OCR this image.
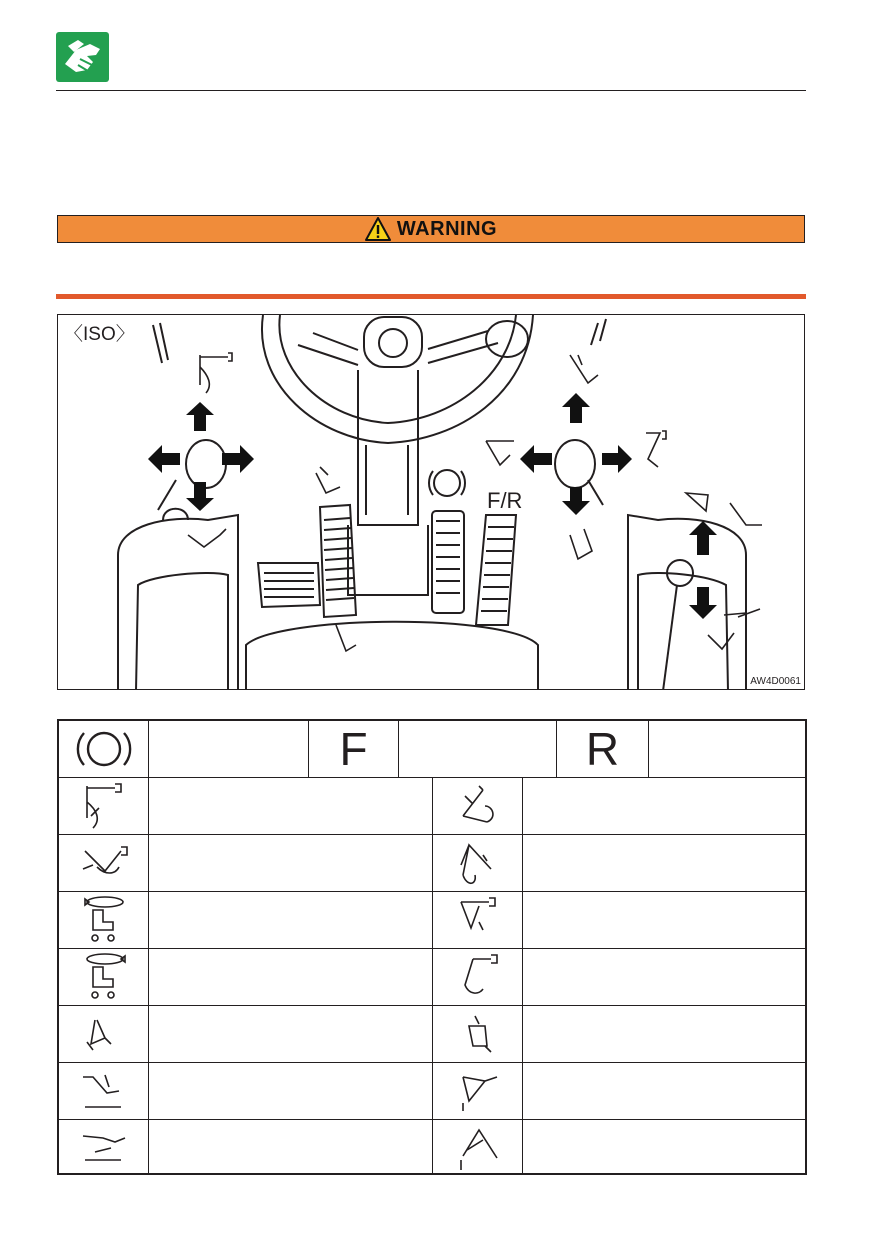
WARNING
〈ISO〉
F/R
AW4D0061
F	R
